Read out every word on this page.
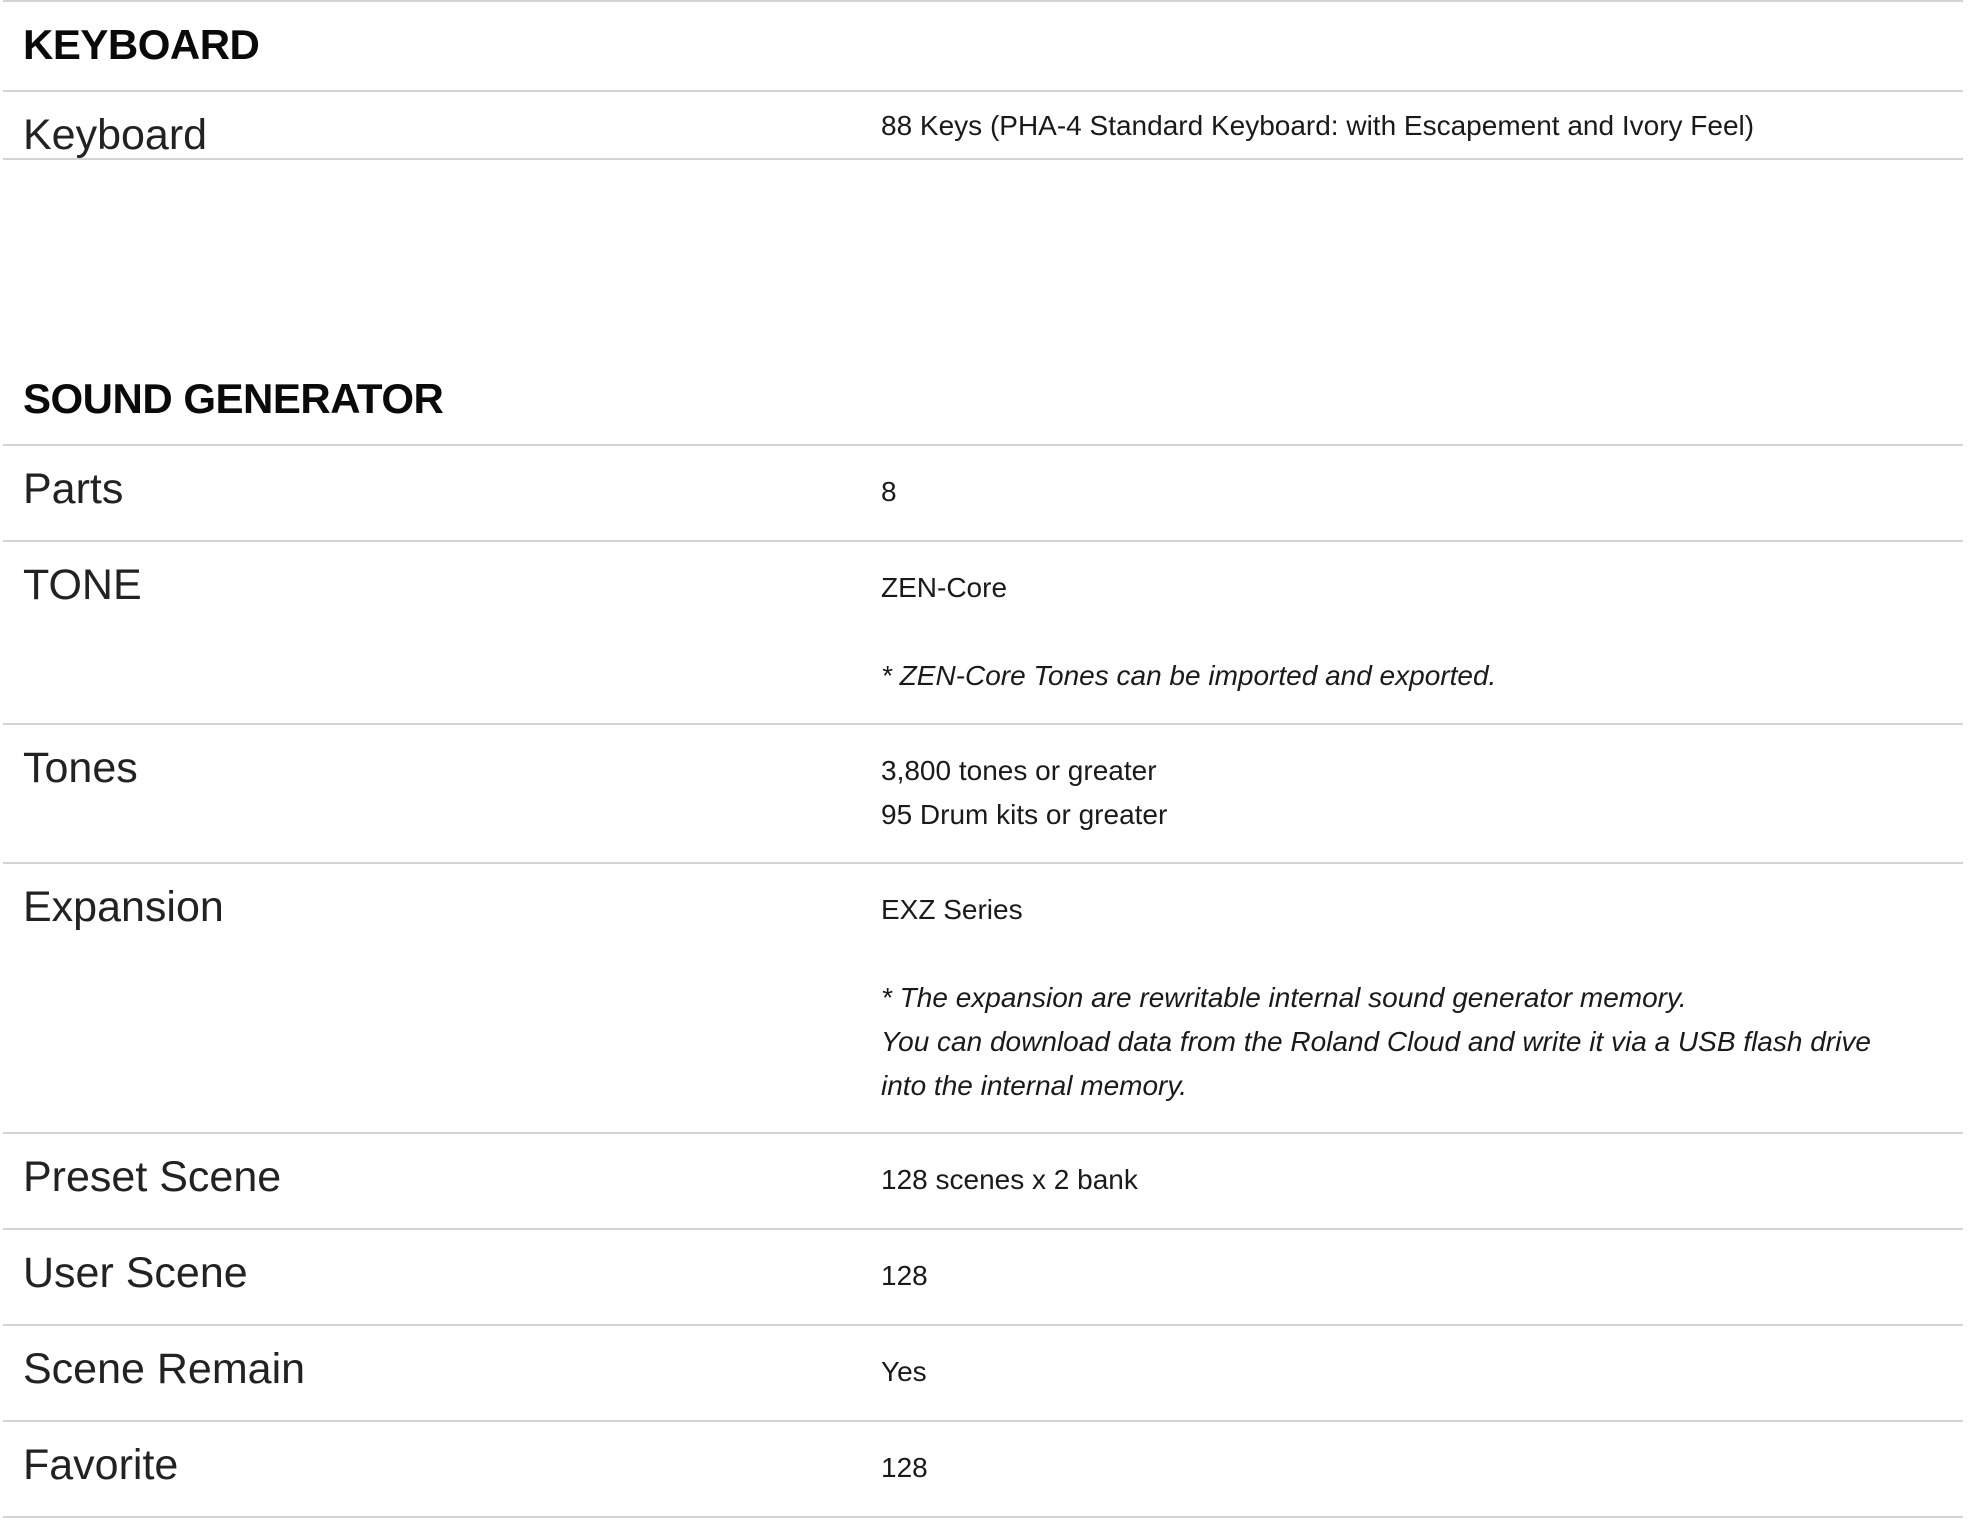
KEYBOARD
Keyboard	88 Keys (PHA-4 Standard Keyboard: with Escapement and Ivory Feel)
SOUND GENERATOR
Parts	8
TONE	ZEN-Core
* ZEN-Core Tones can be imported and exported.
Tones	3,800 tones or greater
95 Drum kits or greater
Expansion	EXZ Series
* The expansion are rewritable internal sound generator memory.
You can download data from the Roland Cloud and write it via a USB flash drive
into the internal memory.
Preset Scene	128 scenes x 2 bank
User Scene	128
Scene Remain	Yes
Favorite	128
